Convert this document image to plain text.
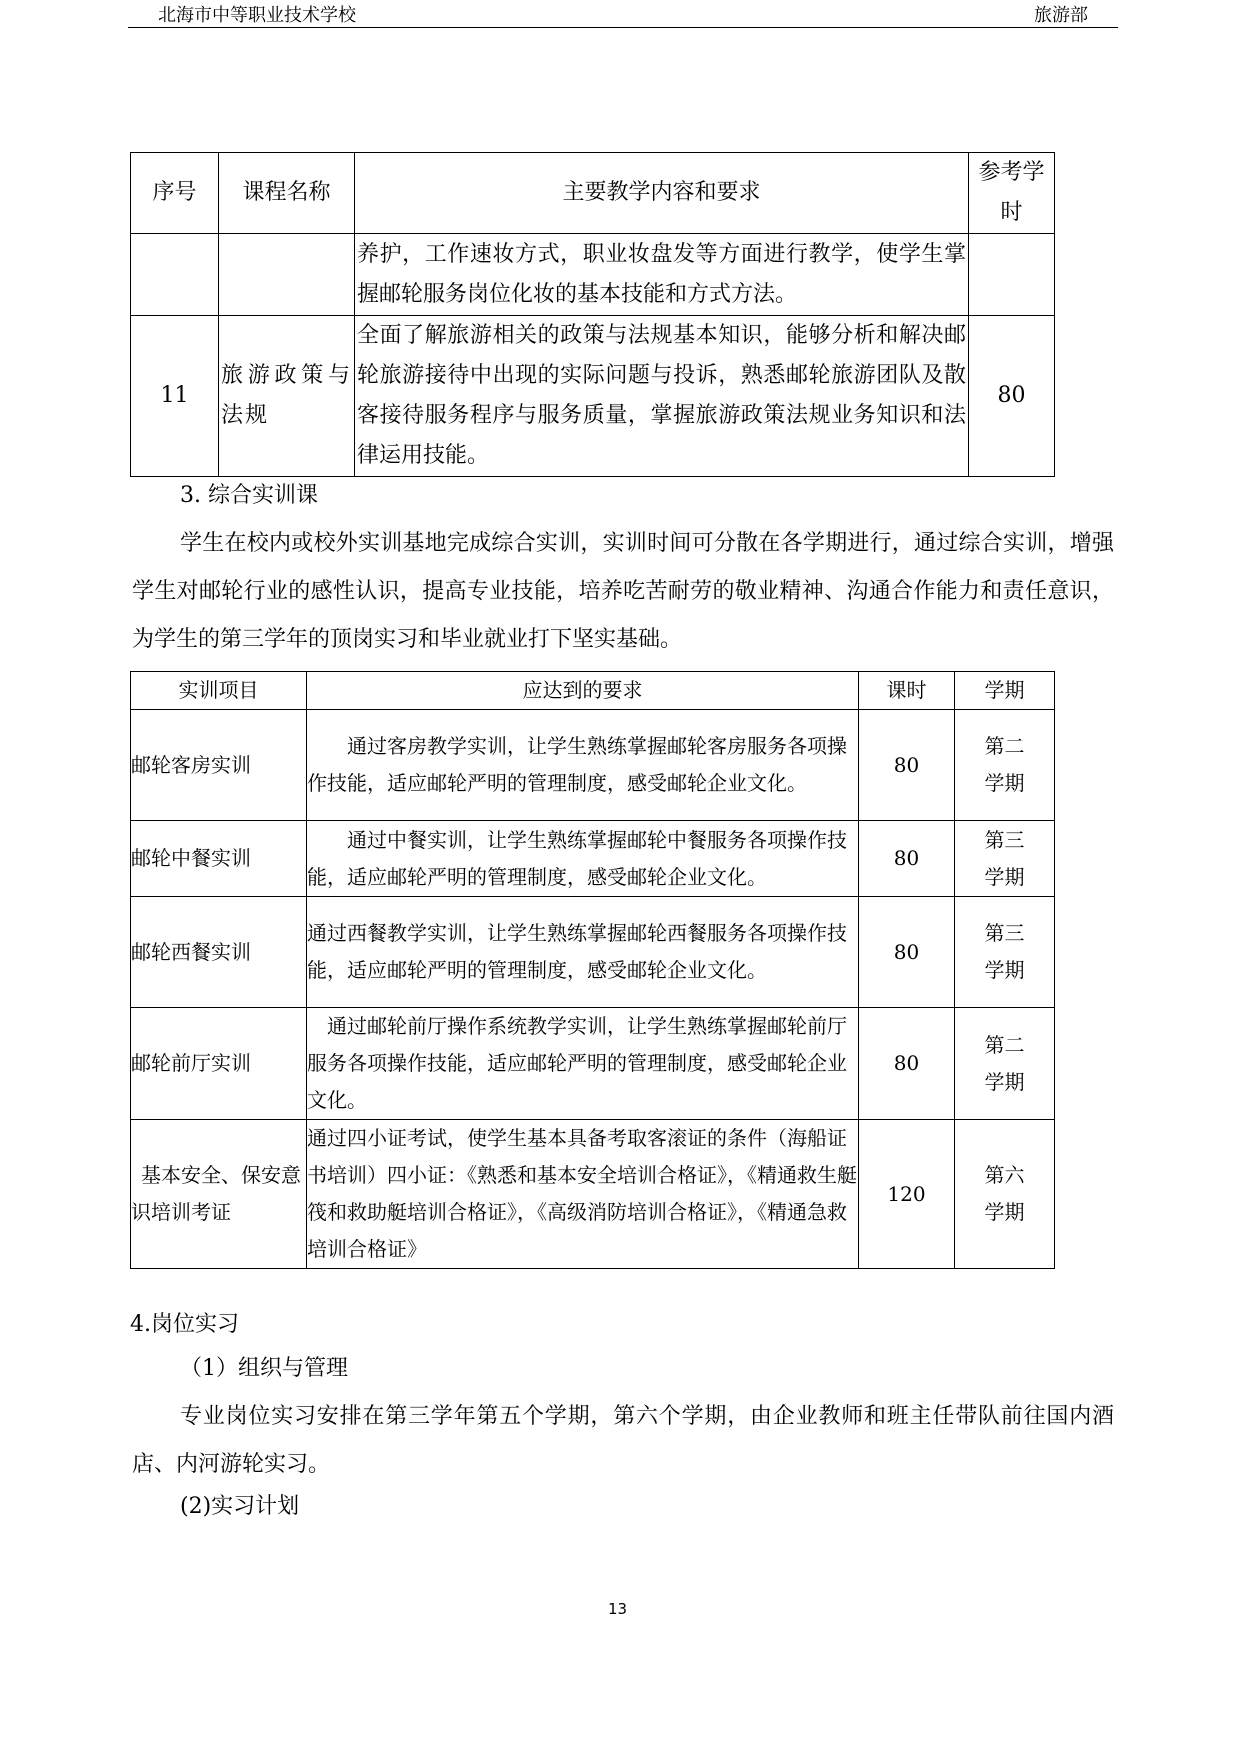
北海市中等职业技术学校	旅游部
序号	课程名称	主要教学内容和要求	参考学时
		养护，工作速妆方式，职业妆盘发等方面进行教学，使学生掌握邮轮服务岗位化妆的基本技能和方式方法。	
11	旅游政策与法规	全面了解旅游相关的政策与法规基本知识，能够分析和解决邮轮旅游接待中出现的实际问题与投诉，熟悉邮轮旅游团队及散客接待服务程序与服务质量，掌握旅游政策法规业务知识和法律运用技能。	80
3. 综合实训课
学生在校内或校外实训基地完成综合实训，实训时间可分散在各学期进行，通过综合实训，增强学生对邮轮行业的感性认识，提高专业技能，培养吃苦耐劳的敬业精神、沟通合作能力和责任意识，为学生的第三学年的顶岗实习和毕业就业打下坚实基础。
实训项目	应达到的要求	课时	学期
邮轮客房实训	　　通过客房教学实训，让学生熟练掌握邮轮客房服务各项操作技能，适应邮轮严明的管理制度，感受邮轮企业文化。	80	第二学期
邮轮中餐实训	　　通过中餐实训，让学生熟练掌握邮轮中餐服务各项操作技能，适应邮轮严明的管理制度，感受邮轮企业文化。	80	第三学期
邮轮西餐实训	通过西餐教学实训，让学生熟练掌握邮轮西餐服务各项操作技能，适应邮轮严明的管理制度，感受邮轮企业文化。	80	第三学期
邮轮前厅实训	　通过邮轮前厅操作系统教学实训，让学生熟练掌握邮轮前厅服务各项操作技能，适应邮轮严明的管理制度，感受邮轮企业文化。	80	第二学期
基本安全、保安意识培训考证	通过四小证考试，使学生基本具备考取客滚证的条件（海船证书培训）四小证：《熟悉和基本安全培训合格证》，《精通救生艇筏和救助艇培训合格证》，《高级消防培训合格证》，《精通急救培训合格证》	120	第六学期
4.岗位实习
（1）组织与管理
专业岗位实习安排在第三学年第五个学期，第六个学期，由企业教师和班主任带队前往国内酒店、内河游轮实习。
(2)实习计划
13
